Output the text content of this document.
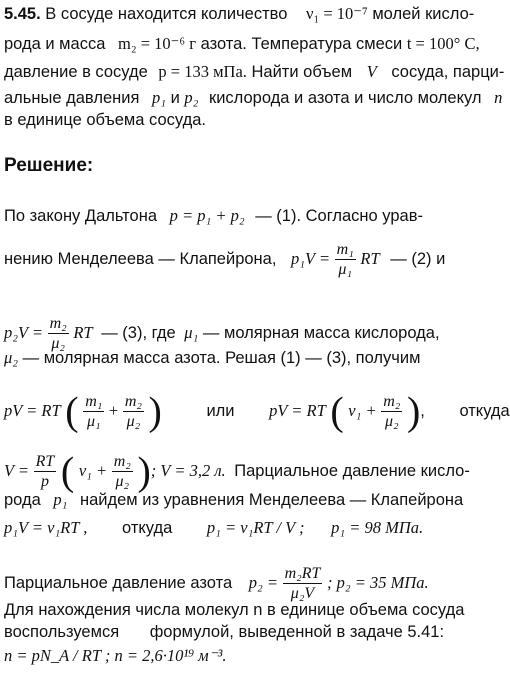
5.45. В сосуде находится количество ν₁ = 10⁻⁷ молей кисло-
рода и масса m₂ = 10⁻⁶ г азота. Температура смеси t = 100° C,
давление в сосуде p = 133 мПа. Найти объем V сосуда, парци-
альные давления p₁ и p₂ кислорода и азота и число молекул n
в единице объема сосуда.
Решение:
По закону Дальтона p = p₁ + p₂ — (1). Согласно урав-
нению Менделеева — Клапейрона, $p_1V = \frac{\text{m₁}}{\text{μ₁}}$ RT — (2) и
$p_2V = \frac{\text{m₂}}{\text{μ₂}}$ RT — (3), где μ₁ — молярная масса кислорода,
μ₂ — молярная масса азота. Решая (1) — (3), получим
pV = RT ( $\frac{\text{m₁}}{\text{μ₁}} + \frac{\text{m₂}}{\text{μ₂}}$ )	или pV = RT ( $\nu_1 + \frac{\text{m₂}}{\text{μ₂}}$ ), откуда
$V = \frac{RT}{p}$ ( $\nu_1 + \frac{\text{m₂}}{\text{μ₂}}$ ); V = 3,2 л. Парциальное давление кисло-
рода p₁ найдем из уравнения Менделеева — Клапейрона
p₁V = ν₁RT , откуда p₁ = ν₁RT / V ; p₁ = 98 МПа.
Парциальное давление азота $p_2 = \frac{\text{m₂RT}}{\text{μ₂V}}$ ; p₂ = 35 МПа.
Для нахождения числа молекул n в единице объема сосуда
воспользуемся формулой, выведенной в задаче 5.41:
n = pN_A / RT ; n = 2,6·10¹⁹ м⁻³.
